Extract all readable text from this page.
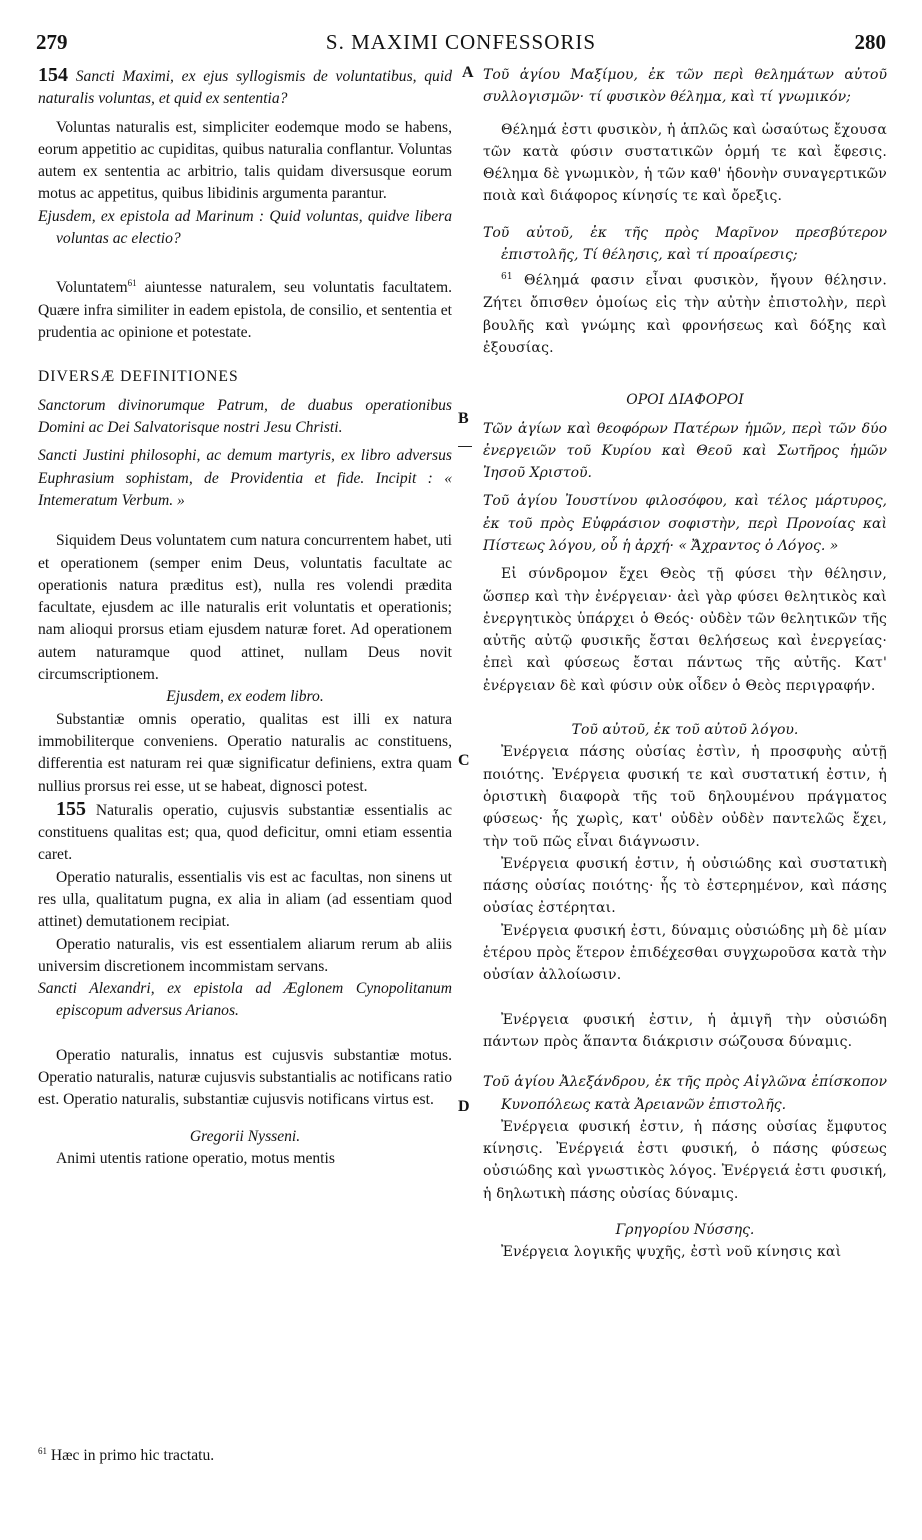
279	S. MAXIMI CONFESSORIS	280
A
B
C
D

154 Sancti Maximi, ex ejus syllogismis de voluntatibus, quid naturalis voluntas, et quid ex sententia?

Voluntas naturalis est, simpliciter eodemque modo se habens, eorum appetitio ac cupiditas, quibus naturalia conflantur. Voluntas autem ex sententia ac arbitrio, talis quidam diversusque eorum motus ac appetitus, quibus libidinis argumenta parantur.

Ejusdem, ex epistola ad Marinum : Quid voluntas, quidve libera voluntas ac electio?

Voluntatem$^{61}$ aiuntesse naturalem, seu voluntatis facultatem. Quære infra similiter in eadem epistola, de consilio, et sententia et prudentia ac opinione et potestate.

DIVERSÆ DEFINITIONES

Sanctorum divinorumque Patrum, de duabus operationibus Domini ac Dei Salvatorisque nostri Jesu Christi.

Sancti Justini philosophi, ac demum martyris, ex libro adversus Euphrasium sophistam, de Providentia et fide. Incipit : « Intemeratum Verbum. »

Siquidem Deus voluntatem cum natura concurrentem habet, uti et operationem (semper enim Deus, voluntatis facultate ac operationis natura præditus est), nulla res volendi prædita facultate, ejusdem ac ille naturalis erit voluntatis et operationis; nam alioqui prorsus etiam ejusdem naturæ foret. Ad operationem autem naturamque quod attinet, nullam Deus novit circumscriptionem.

Ejusdem, ex eodem libro.

Substantiæ omnis operatio, qualitas est illi ex natura immobiliterque conveniens. Operatio naturalis ac constituens, differentia est naturam rei quæ significatur definiens, extra quam nullius prorsus rei esse, ut se habeat, dignosci potest.

155 Naturalis operatio, cujusvis substantiæ essentialis ac constituens qualitas est; qua, quod deficitur, omni etiam essentia caret.

Operatio naturalis, essentialis vis est ac facultas, non sinens ut res ulla, qualitatum pugna, ex alia in aliam (ad essentiam quod attinet) demutationem recipiat.

Operatio naturalis, vis est essentialem aliarum rerum ab aliis universim discretionem incommistam servans.

Sancti Alexandri, ex epistola ad Æglonem Cynopolitanum episcopum adversus Arianos.

Operatio naturalis, innatus est cujusvis substantiæ motus. Operatio naturalis, naturæ cujusvis substantialis ac notificans ratio est. Operatio naturalis, substantiæ cujusvis notificans virtus est.

Gregorii Nysseni.

Animi utentis ratione operatio, motus mentis

$^{61}$ Hæc in primo hic tractatu.

Τοῦ ἁγίου Μαξίμου, ἐκ τῶν περὶ θελημάτων αὐτοῦ συλλογισμῶν· τί φυσικὸν θέλημα, καὶ τί γνωμικόν;

Θέλημά ἐστι φυσικὸν, ἡ ἁπλῶς καὶ ὡσαύτως ἔχουσα τῶν κατὰ φύσιν συστατικῶν ὁρμή τε καὶ ἔφεσις. Θέλημα δὲ γνωμικὸν, ἡ τῶν καθ' ἡδονὴν συναγερτικῶν ποιὰ καὶ διάφορος κίνησίς τε καὶ ὄρεξις.

Τοῦ αὐτοῦ, ἐκ τῆς πρὸς Μαρῖνον πρεσβύτερον ἐπιστολῆς, Τί θέλησις, καὶ τί προαίρεσις;

$^{61}$ Θέλημά φασιν εἶναι φυσικὸν, ἤγουν θέλησιν. Ζήτει ὄπισθεν ὁμοίως εἰς τὴν αὐτὴν ἐπιστολὴν, περὶ βουλῆς καὶ γνώμης καὶ φρονήσεως καὶ δόξης καὶ ἐξουσίας.

ΟΡΟΙ ΔΙΑΦΟΡΟΙ

Τῶν ἁγίων καὶ θεοφόρων Πατέρων ἡμῶν, περὶ τῶν δύο ἐνεργειῶν τοῦ Κυρίου καὶ Θεοῦ καὶ Σωτῆρος ἡμῶν Ἰησοῦ Χριστοῦ.

Τοῦ ἁγίου Ἰουστίνου φιλοσόφου, καὶ τέλος μάρτυρος, ἐκ τοῦ πρὸς Εὐφράσιον σοφιστὴν, περὶ Προνοίας καὶ Πίστεως λόγου, οὗ ἡ ἀρχή· « Ἄχραντος ὁ Λόγος. »

Εἰ σύνδρομον ἔχει Θεὸς τῇ φύσει τὴν θέλησιν, ὥσπερ καὶ τὴν ἐνέργειαν· ἀεὶ γὰρ φύσει θελητικὸς καὶ ἐνεργητικὸς ὑπάρχει ὁ Θεός· οὐδὲν τῶν θελητικῶν τῆς αὐτῆς αὐτῷ φυσικῆς ἔσται θελήσεως καὶ ἐνεργείας· ἐπεὶ καὶ φύσεως ἔσται πάντως τῆς αὐτῆς. Κατ' ἐνέργειαν δὲ καὶ φύσιν οὐκ οἶδεν ὁ Θεὸς περιγραφήν.

Τοῦ αὐτοῦ, ἐκ τοῦ αὐτοῦ λόγου.

Ἐνέργεια πάσης οὐσίας ἐστὶν, ἡ προσφυὴς αὐτῇ ποιότης. Ἐνέργεια φυσική τε καὶ συστατική ἐστιν, ἡ ὁριστικὴ διαφορὰ τῆς τοῦ δηλουμένου πράγματος φύσεως· ἧς χωρὶς, κατ' οὐδὲν οὐδὲν παντελῶς ἔχει, τὴν τοῦ πῶς εἶναι διάγνωσιν.

Ἐνέργεια φυσική ἐστιν, ἡ οὐσιώδης καὶ συστατικὴ πάσης οὐσίας ποιότης· ἧς τὸ ἐστερημένον, καὶ πάσης οὐσίας ἐστέρηται.

Ἐνέργεια φυσική ἐστι, δύναμις οὐσιώδης μὴ δὲ μίαν ἑτέρου πρὸς ἕτερον ἐπιδέχεσθαι συγχωροῦσα κατὰ τὴν οὐσίαν ἀλλοίωσιν.

Ἐνέργεια φυσική ἐστιν, ἡ ἀμιγῆ τὴν οὐσιώδη πάντων πρὸς ἅπαντα διάκρισιν σώζουσα δύναμις.

Τοῦ ἁγίου Ἀλεξάνδρου, ἐκ τῆς πρὸς Αἰγλῶνα ἐπίσκοπον Κυνοπόλεως κατὰ Ἀρειανῶν ἐπιστολῆς.

Ἐνέργεια φυσική ἐστιν, ἡ πάσης οὐσίας ἔμφυτος κίνησις. Ἐνέργειά ἐστι φυσική, ὁ πάσης φύσεως οὐσιώδης καὶ γνωστικὸς λόγος. Ἐνέργειά ἐστι φυσική, ἡ δηλωτικὴ πάσης οὐσίας δύναμις.

Γρηγορίου Νύσσης.

Ἐνέργεια λογικῆς ψυχῆς, ἐστὶ νοῦ κίνησις καὶ
